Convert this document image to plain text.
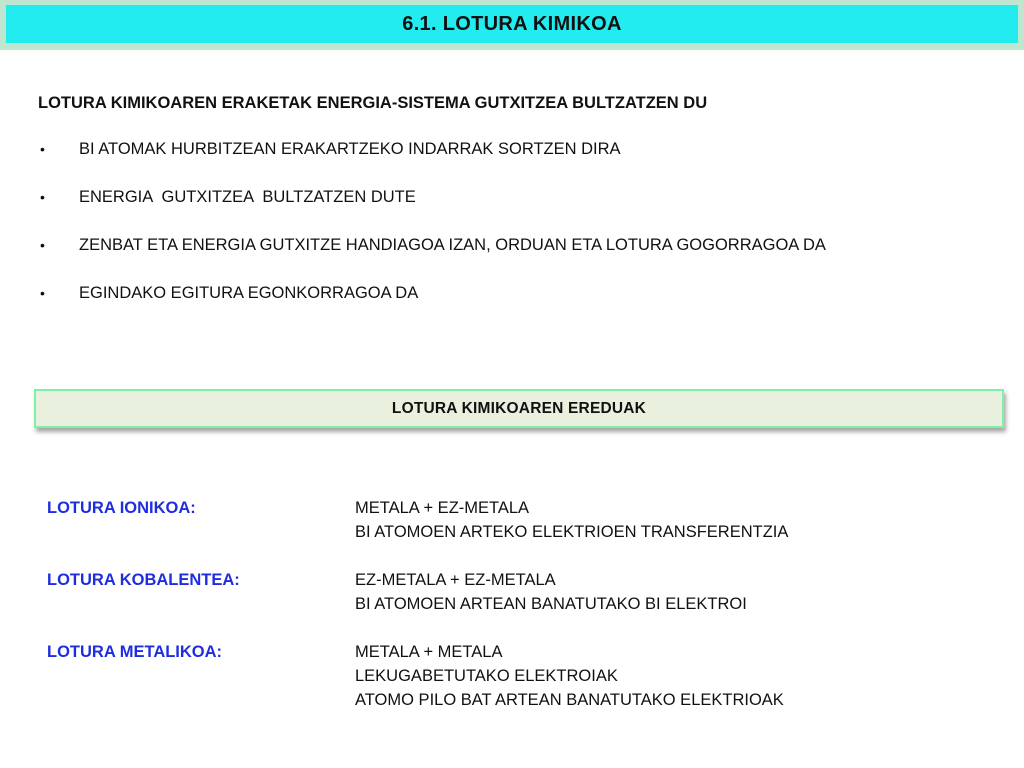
6.1. LOTURA KIMIKOA
LOTURA KIMIKOAREN ERAKETAK ENERGIA-SISTEMA GUTXITZEA BULTZATZEN DU
•	BI ATOMAK HURBITZEAN ERAKARTZEKO INDARRAK SORTZEN DIRA
•	ENERGIA  GUTXITZEA  BULTZATZEN DUTE
•	ZENBAT ETA ENERGIA GUTXITZE HANDIAGOA IZAN, ORDUAN ETA LOTURA GOGORRAGOA DA
•	EGINDAKO EGITURA EGONKORRAGOA DA
LOTURA KIMIKOAREN EREDUAK
LOTURA IONIKOA:	METALA + EZ-METALA
BI ATOMOEN ARTEKO ELEKTRIOEN TRANSFERENTZIA
LOTURA KOBALENTEA:	EZ-METALA + EZ-METALA
BI ATOMOEN ARTEAN BANATUTAKO BI ELEKTROI
LOTURA METALIKOA:	METALA + METALA
LEKUGABETUTAKO ELEKTROIAK
ATOMO PILO BAT ARTEAN BANATUTAKO ELEKTRIOAK
